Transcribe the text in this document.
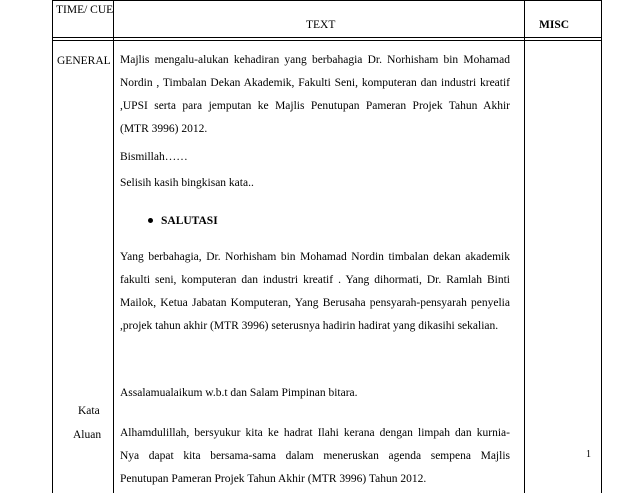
TIME/ CUE
TEXT	MISC
GENERAL
Kata
Aluan
Majlis mengalu-alukan kehadiran yang berbahagia Dr. Norhisham bin Mohamad
Nordin , Timbalan Dekan Akademik, Fakulti Seni, komputeran dan industri kreatif
,UPSI serta para jemputan ke Majlis Penutupan Pameran Projek Tahun Akhir
(MTR 3996) 2012.
Bismillah……
Selisih kasih bingkisan kata..
SALUTASI
Yang berbahagia, Dr. Norhisham bin Mohamad Nordin timbalan dekan akademik
fakulti seni, komputeran dan industri kreatif . Yang dihormati, Dr. Ramlah Binti
Mailok, Ketua Jabatan Komputeran, Yang Berusaha pensyarah-pensyarah penyelia
,projek tahun akhir (MTR 3996) seterusnya hadirin hadirat yang dikasihi sekalian.
Assalamualaikum w.b.t dan Salam Pimpinan bitara.
Alhamdulillah, bersyukur kita ke hadrat Ilahi kerana dengan limpah dan kurnia-
Nya dapat kita bersama-sama dalam meneruskan agenda sempena Majlis
Penutupan Pameran Projek Tahun Akhir (MTR 3996) Tahun 2012.
1
